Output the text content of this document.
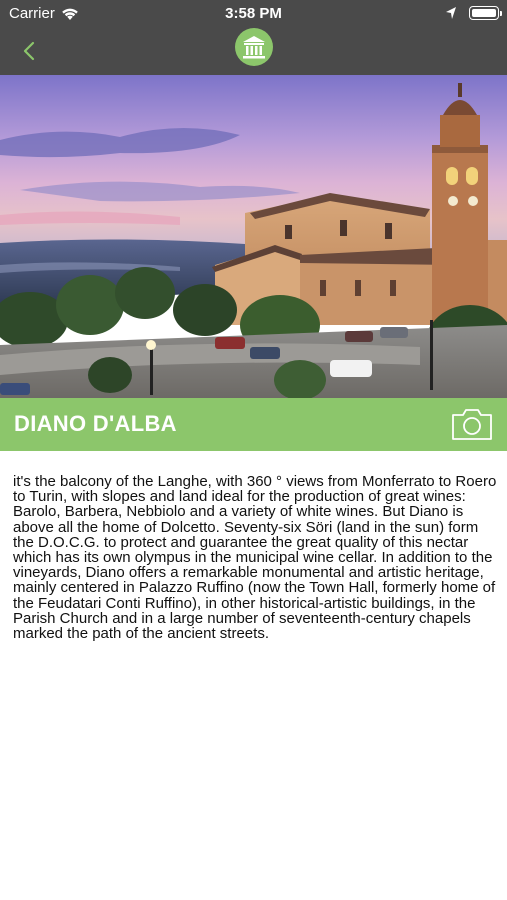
Carrier	3:58 PM
DIANO D'ALBA

it's the balcony of the Langhe, with 360 ° views from Monferrato to Roero to Turin, with slopes and land ideal for the production of great wines: Barolo, Barbera, Nebbiolo and a variety of white wines. But Diano is above all the home of Dolcetto. Seventy-six Söri (land in the sun) form the D.O.C.G. to protect and guarantee the great quality of this nectar which has its own olympus in the municipal wine cellar. In addition to the vineyards, Diano offers a remarkable monumental and artistic heritage, mainly centered in Palazzo Ruffino (now the Town Hall, formerly home of the Feudatari Conti Ruffino), in other historical-artistic buildings, in the Parish Church and in a large number of seventeenth-century chapels marked the path of the ancient streets.
